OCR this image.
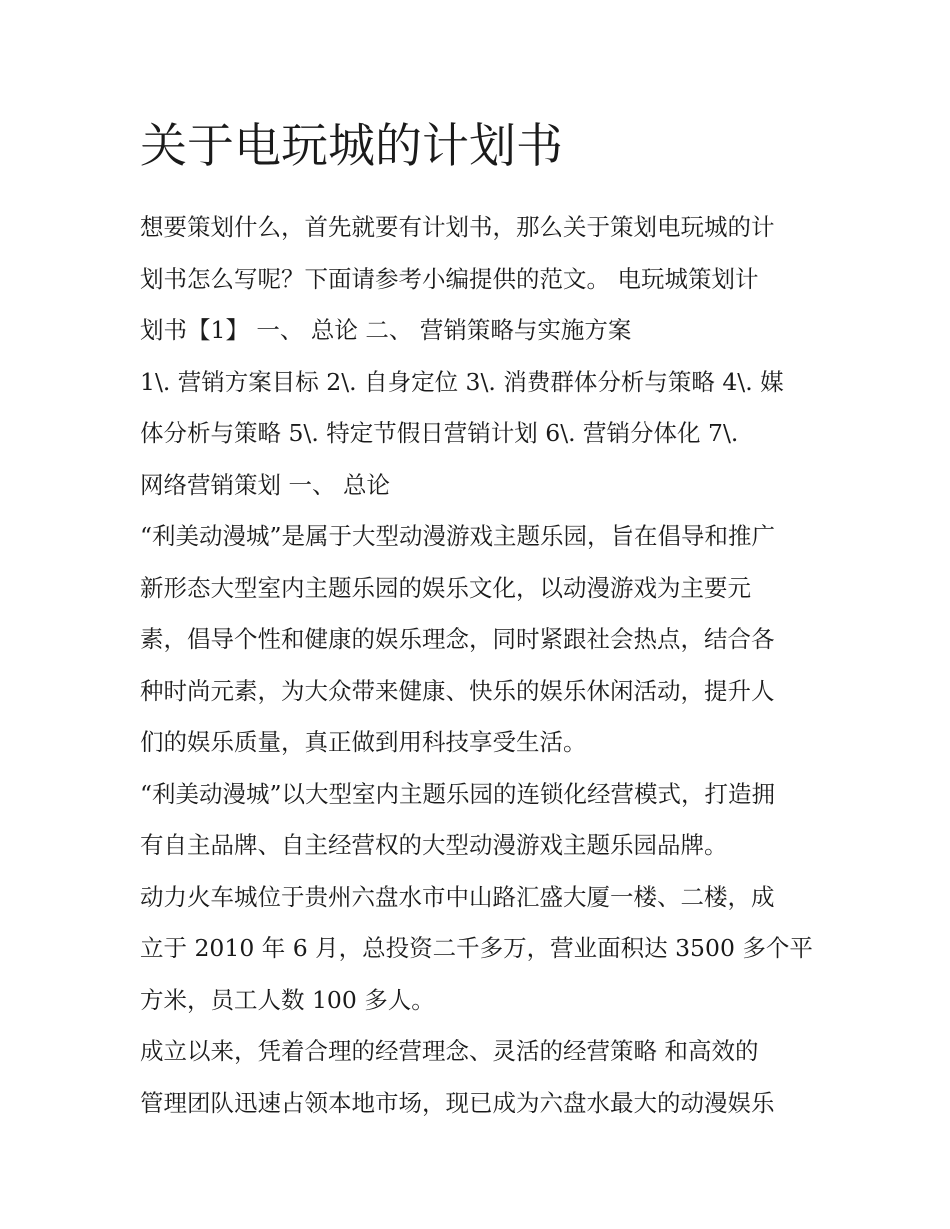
关于电玩城的计划书

想要策划什么，首先就要有计划书，那么关于策划电玩城的计
划书怎么写呢？下面请参考小编提供的范文。 电玩城策划计
划书【1】 一、 总论 二、 营销策略与实施方案

1\. 营销方案目标 2\. 自身定位 3\. 消费群体分析与策略 4\. 媒
体分析与策略 5\. 特定节假日营销计划 6\. 营销分体化 7\.
网络营销策划 一、 总论

“利美动漫城”是属于大型动漫游戏主题乐园，旨在倡导和推广
新形态大型室内主题乐园的娱乐文化，以动漫游戏为主要元
素，倡导个性和健康的娱乐理念，同时紧跟社会热点，结合各
种时尚元素，为大众带来健康、快乐的娱乐休闲活动，提升人
们的娱乐质量，真正做到用科技享受生活。

“利美动漫城”以大型室内主题乐园的连锁化经营模式，打造拥
有自主品牌、自主经营权的大型动漫游戏主题乐园品牌。

动力火车城位于贵州六盘水市中山路汇盛大厦一楼、二楼，成
立于 2010 年 6 月，总投资二千多万，营业面积达 3500 多个平
方米，员工人数 100 多人。

成立以来，凭着合理的经营理念、灵活的经营策略 和高效的
管理团队迅速占领本地市场，现已成为六盘水最大的动漫娱乐
